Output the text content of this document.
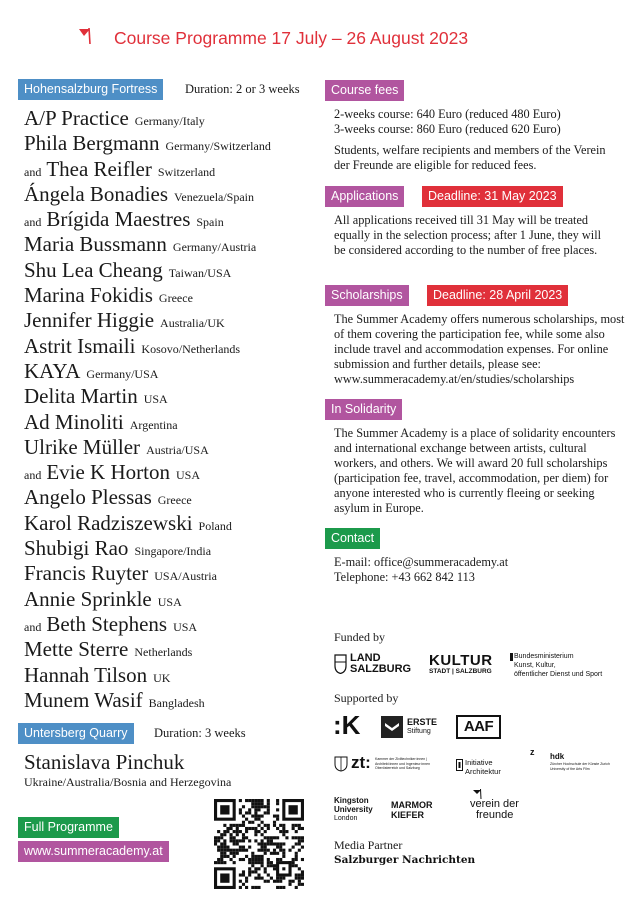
Course Programme 17 July – 26 August 2023
Hohensalzburg Fortress	Duration: 2 or 3 weeks
A/P Practice Germany/Italy
Phila Bergmann Germany/Switzerland
and Thea Reifler Switzerland
Ángela Bonadies Venezuela/Spain
and Brígida Maestres Spain
Maria Bussmann Germany/Austria
Shu Lea Cheang Taiwan/USA
Marina Fokidis Greece
Jennifer Higgie Australia/UK
Astrit Ismaili Kosovo/Netherlands
KAYA Germany/USA
Delita Martin USA
Ad Minoliti Argentina
Ulrike Müller Austria/USA
and Evie K Horton USA
Angelo Plessas Greece
Karol Radziszewski Poland
Shubigi Rao Singapore/India
Francis Ruyter USA/Austria
Annie Sprinkle USA
and Beth Stephens USA
Mette Sterre Netherlands
Hannah Tilson UK
Munem Wasif Bangladesh
Untersberg Quarry	Duration: 3 weeks
Stanislava Pinchuk
Ukraine/Australia/Bosnia and Herzegovina
Full Programme
www.summeracademy.at
Course fees
2-weeks course: 640 Euro (reduced 480 Euro)
3-weeks course: 860 Euro (reduced 620 Euro)
Students, welfare recipients and members of the Verein der Freunde are eligible for reduced fees.
Applications	Deadline: 31 May 2023
All applications received till 31 May will be treated equally in the selection process; after 1 June, they will be considered according to the number of free places.
Scholarships	Deadline: 28 April 2023
The Summer Academy offers numerous scholarships, most of them covering the participation fee, while some also include travel and accommodation expenses. For online submission and further details, please see: www.summeracademy.at/en/studies/scholarships
In Solidarity
The Summer Academy is a place of solidarity encounters and international exchange between artists, cultural workers, and others. We will award 20 full scholarships (participation fee, travel, accommodation, per diem) for anyone interested who is currently fleeing or seeking asylum in Europe.
Contact
E-mail: office@summeracademy.at
Telephone: +43 662 842 113
Funded by
LAND
SALZBURG KULTUR
STADT | SALZBURG
Bundesministerium
Kunst, Kultur,
öffentlicher Dienst und Sport
Supported by
:K	ERSTE
Stiftung	AAF
zt: Kammer der Ziviltechniker:innen | Architekt:innen und Ingenieur:innen Oberösterreich und Salzburg
Initiative
Architektur
z hdk
Zürcher Hochschule der Künste Zurich University of the Arts Film
Kingston
University
London
MARMOR
KIEFER
verein der
freunde
Media Partner
Salzburger Nachrichten
